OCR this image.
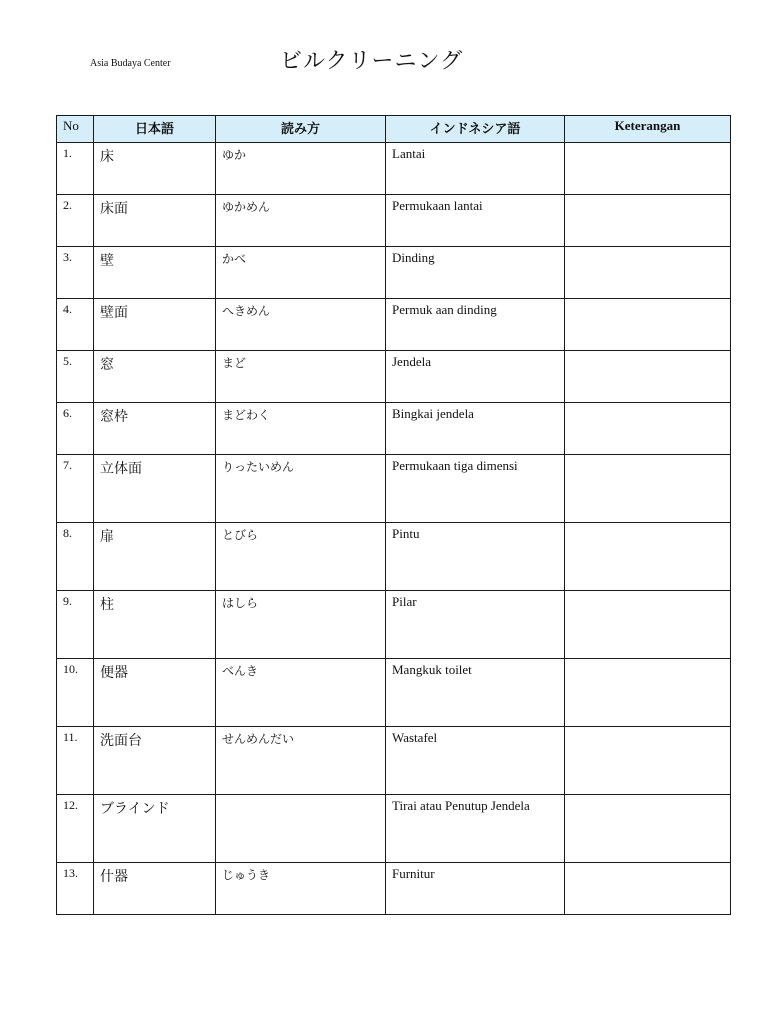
Asia Budaya Center	ビルクリーニング
No	日本語	読み方	インドネシア語	Keterangan
1.	床	ゆか	Lantai	
2.	床面	ゆかめん	Permukaan lantai	
3.	壁	かべ	Dinding	
4.	壁面	へきめん	Permuk aan dinding	
5.	窓	まど	Jendela	
6.	窓枠	まどわく	Bingkai jendela	
7.	立体面	りったいめん	Permukaan tiga dimensi	
8.	扉	とびら	Pintu	
9.	柱	はしら	Pilar	
10.	便器	べんき	Mangkuk toilet	
11.	洗面台	せんめんだい	Wastafel	
12.	ブラインド		Tirai atau Penutup Jendela	
13.	什器	じゅうき	Furnitur	
